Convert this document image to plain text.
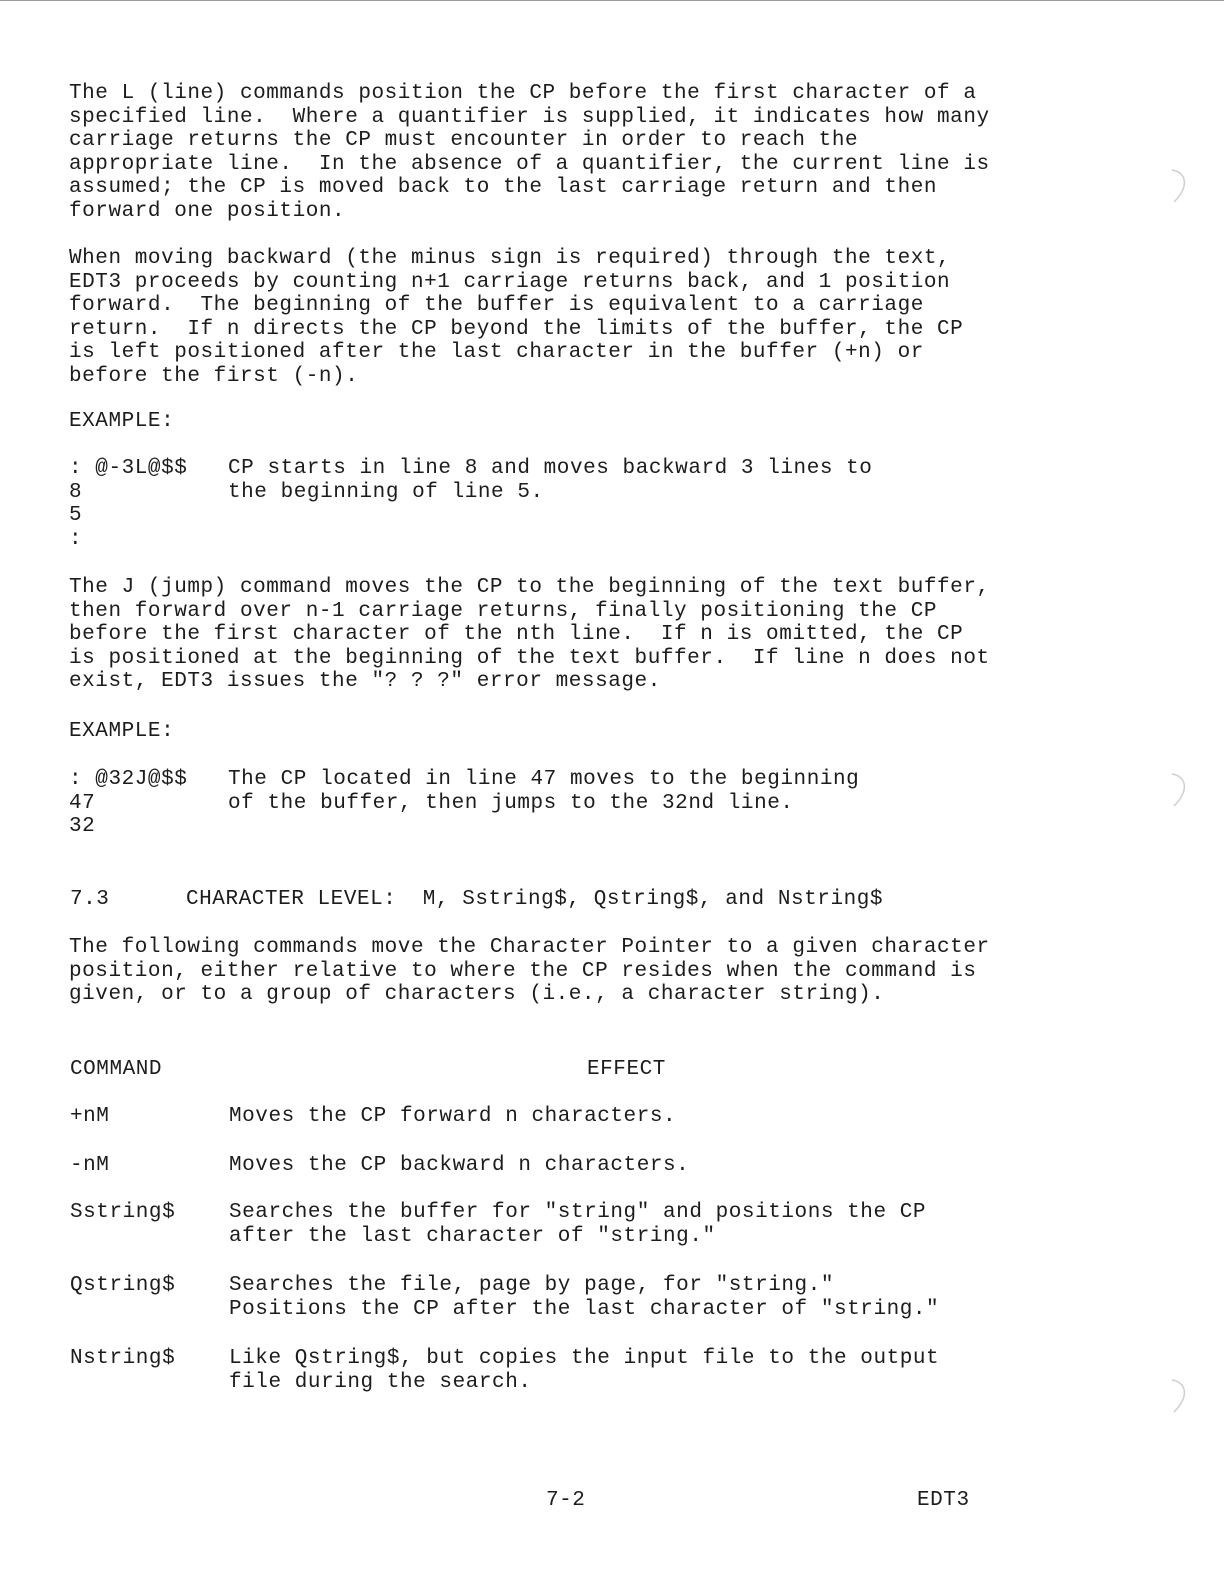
The L (line) commands position the CP before the first character of a
specified line.  Where a quantifier is supplied, it indicates how many
carriage returns the CP must encounter in order to reach the
appropriate line.  In the absence of a quantifier, the current line is
assumed; the CP is moved back to the last carriage return and then
forward one position.

When moving backward (the minus sign is required) through the text,
EDT3 proceeds by counting n+1 carriage returns back, and 1 position
forward.  The beginning of the buffer is equivalent to a carriage
return.  If n directs the CP beyond the limits of the buffer, the CP
is left positioned after the last character in the buffer (+n) or
before the first (-n).

EXAMPLE:

: @-3L@$$
8
5
:

CP starts in line 8 and moves backward 3 lines to
the beginning of line 5.

The J (jump) command moves the CP to the beginning of the text buffer,
then forward over n-1 carriage returns, finally positioning the CP
before the first character of the nth line.  If n is omitted, the CP
is positioned at the beginning of the text buffer.  If line n does not
exist, EDT3 issues the "? ? ?" error message.

EXAMPLE:

: @32J@$$
47
32

The CP located in line 47 moves to the beginning
of the buffer, then jumps to the 32nd line.

7.3	CHARACTER LEVEL:  M, Sstring$, Qstring$, and Nstring$

The following commands move the Character Pointer to a given character
position, either relative to where the CP resides when the command is
given, or to a group of characters (i.e., a character string).

COMMAND	EFFECT

+nM	Moves the CP forward n characters.

-nM	Moves the CP backward n characters.

Sstring$	Searches the buffer for "string" and positions the CP
after the last character of "string."

Qstring$	Searches the file, page by page, for "string."
Positions the CP after the last character of "string."

Nstring$	Like Qstring$, but copies the input file to the output
file during the search.

7-2	EDT3
